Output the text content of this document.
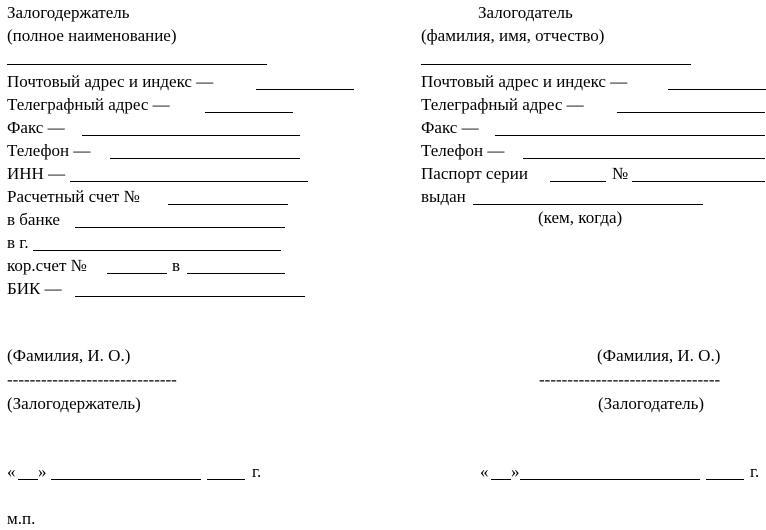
Залогодержатель
(полное наименование)
Почтовый адрес и индекс —
Телеграфный адрес —
Факс —
Телефон —
ИНН —
Расчетный счет №
в банке
в г.
кор.счет №	в
БИК —
Залогодатель
(фамилия, имя, отчество)
Почтовый адрес и индекс —
Телеграфный адрес —
Факс —
Телефон —
Паспорт серии	№
выдан
(кем, когда)
(Фамилия, И. О.)
------------------------------
(Залогодержатель)
(Фамилия, И. О.)
--------------------------------
(Залогодатель)
« »	г.	« »	г.
м.п.
